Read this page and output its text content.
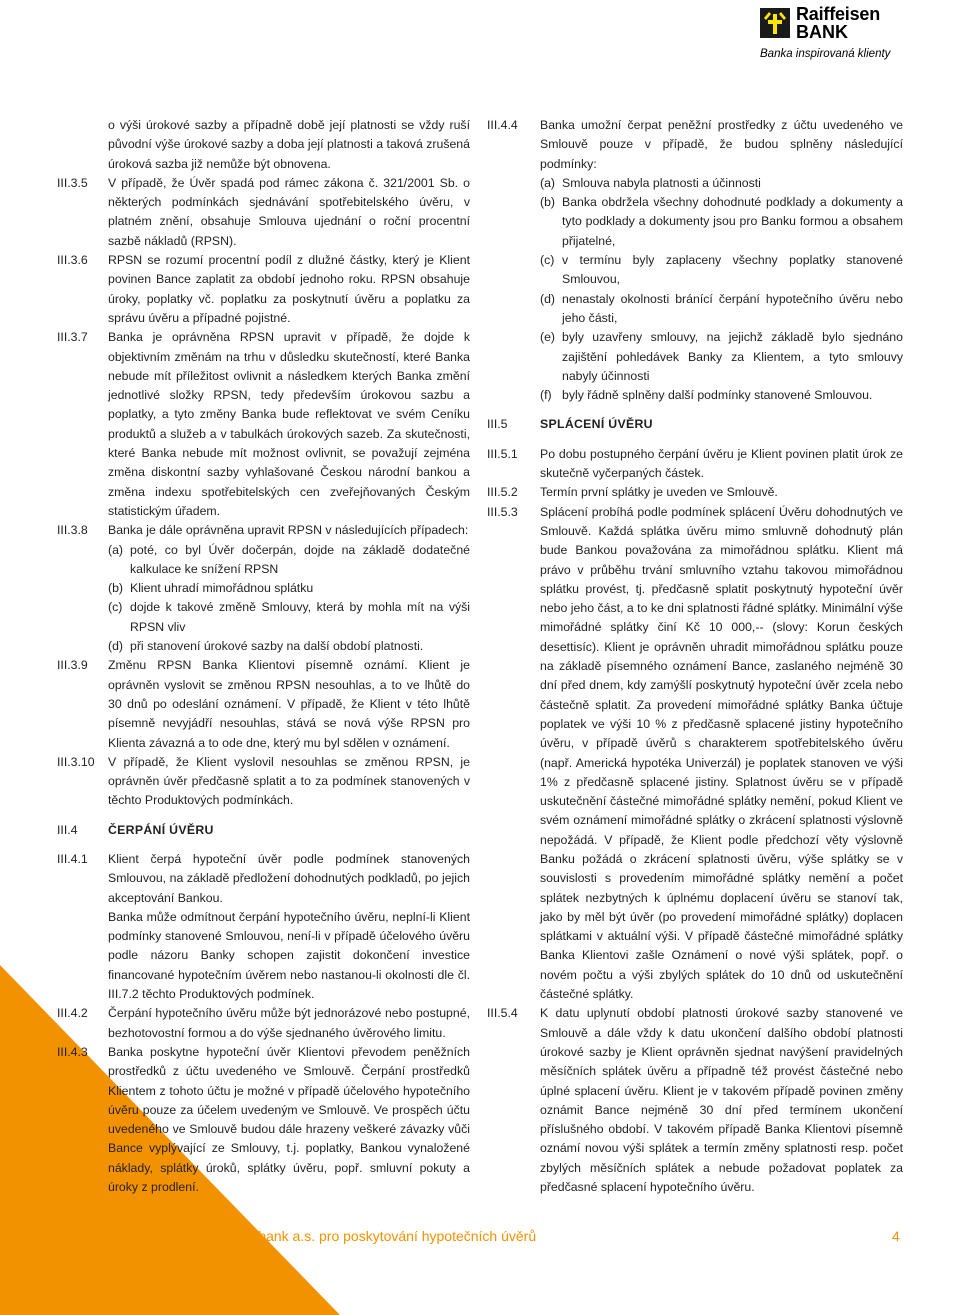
Raiffeisen
BANK
Banka inspirovaná klienty
o výši úrokové sazby a případně době její platnosti se vždy ruší původní výše úrokové sazby a doba její platnosti a taková zrušená úroková sazba již nemůže být obnovena.
III.3.5	V případě, že Úvěr spadá pod rámec zákona č. 321/2001 Sb. o některých podmínkách sjednávání spotřebitelského úvěru, v platném znění, obsahuje Smlouva ujednání o roční procentní sazbě nákladů (RPSN).
III.3.6	RPSN se rozumí procentní podíl z dlužné částky, který je Klient povinen Bance zaplatit za období jednoho roku. RPSN obsahuje úroky, poplatky vč. poplatku za poskytnutí úvěru a poplatku za správu úvěru a případné pojistné.
III.3.7	Banka je oprávněna RPSN upravit v případě, že dojde k objektivním změnám na trhu v důsledku skutečností, které Banka nebude mít příležitost ovlivnit a následkem kterých Banka změní jednotlivé složky RPSN, tedy především úrokovou sazbu a poplatky, a tyto změny Banka bude reflektovat ve svém Ceníku produktů a služeb a v tabulkách úrokových sazeb. Za skutečnosti, které Banka nebude mít možnost ovlivnit, se považují zejména změna diskontní sazby vyhlašované Českou národní bankou a změna indexu spotřebitelských cen zveřejňovaných Českým statistickým úřadem.
III.3.8	Banka je dále oprávněna upravit RPSN v následujících případech:

(a) poté, co byl Úvěr dočerpán, dojde na základě dodatečné kalkulace ke snížení RPSN
(b) Klient uhradí mimořádnou splátku
(c) dojde k takové změně Smlouvy, která by mohla mít na výši RPSN vliv
(d) při stanovení úrokové sazby na další období platnosti.
III.3.9	Změnu RPSN Banka Klientovi písemně oznámí. Klient je oprávněn vyslovit se změnou RPSN nesouhlas, a to ve lhůtě do 30 dnů po odeslání oznámení. V případě, že Klient v této lhůtě písemně nevyjádří nesouhlas, stává se nová výše RPSN pro Klienta závazná a to ode dne, který mu byl sdělen v oznámení.
III.3.10	V případě, že Klient vyslovil nesouhlas se změnou RPSN, je oprávněn úvěr předčasně splatit a to za podmínek stanovených v těchto Produktových podmínkách.
III.4	ČERPÁNÍ ÚVĚRU
III.4.1	Klient čerpá hypoteční úvěr podle podmínek stanovených Smlouvou, na základě předložení dohodnutých podkladů, po jejich akceptování Bankou.

Banka může odmítnout čerpání hypotečního úvěru, neplní-li Klient podmínky stanovené Smlouvou, není-li v případě účelového úvěru podle názoru Banky schopen zajistit dokončení investice financované hypotečním úvěrem nebo nastanou-li okolnosti dle čl. III.7.2 těchto Produktových podmínek.

III.4.2	Čerpání hypotečního úvěru může být jednorázové nebo postupné, bezhotovostní formou a do výše sjednaného úvěrového limitu.
III.4.3	Banka poskytne hypoteční úvěr Klientovi převodem peněžních prostředků z účtu uvedeného ve Smlouvě. Čerpání prostředků Klientem z tohoto účtu je možné v případě účelového hypotečního úvěru pouze za účelem uvedeným ve Smlouvě. Ve prospěch účtu uvedeného ve Smlouvě budou dále hrazeny veškeré závazky vůči Bance vyplývající ze Smlouvy, t.j. poplatky, Bankou vynaložené náklady, splátky úroků, splátky úvěru, popř. smluvní pokuty a úroky z prodlení.
III.4.4	Banka umožní čerpat peněžní prostředky z účtu uvedeného ve Smlouvě pouze v případě, že budou splněny následující podmínky:

(a) Smlouva nabyla platnosti a účinnosti
(b) Banka obdržela všechny dohodnuté podklady a dokumenty a tyto podklady a dokumenty jsou pro Banku formou a obsahem přijatelné,
(c) v termínu byly zaplaceny všechny poplatky stanovené Smlouvou,
(d) nenastaly okolnosti bránící čerpání hypotečního úvěru nebo jeho části,
(e) byly uzavřeny smlouvy, na jejichž základě bylo sjednáno zajištění pohledávek Banky za Klientem, a tyto smlouvy nabyly účinnosti
(f) byly řádně splněny další podmínky stanovené Smlouvou.
III.5	SPLÁCENÍ ÚVĚRU
III.5.1	Po dobu postupného čerpání úvěru je Klient povinen platit úrok ze skutečně vyčerpaných částek.
III.5.2	Termín první splátky je uveden ve Smlouvě.
III.5.3	Splácení probíhá podle podmínek splácení Úvěru dohodnutých ve Smlouvě. Každá splátka úvěru mimo smluvně dohodnutý plán bude Bankou považována za mimořádnou splátku. Klient má právo v průběhu trvání smluvního vztahu takovou mimořádnou splátku provést, tj. předčasně splatit poskytnutý hypoteční úvěr nebo jeho část, a to ke dni splatnosti řádné splátky. Minimální výše mimořádné splátky činí Kč 10 000,-- (slovy: Korun českých desettisíc). Klient je oprávněn uhradit mimořádnou splátku pouze na základě písemného oznámení Bance, zaslaného nejméně 30 dní před dnem, kdy zamýšlí poskytnutý hypoteční úvěr zcela nebo částečně splatit. Za provedení mimořádné splátky Banka účtuje poplatek ve výši 10 % z předčasně splacené jistiny hypotečního úvěru, v případě úvěrů s charakterem spotřebitelského úvěru (např. Americká hypotéka Univerzál) je poplatek stanoven ve výši 1% z předčasně splacené jistiny. Splatnost úvěru se v případě uskutečnění částečné mimořádné splátky nemění, pokud Klient ve svém oznámení mimořádné splátky o zkrácení splatnosti výslovně nepožádá. V případě, že Klient podle předchozí věty výslovně Banku požádá o zkrácení splatnosti úvěru, výše splátky se v souvislosti s provedením mimořádné splátky nemění a počet splátek nezbytných k úplnému doplacení úvěru se stanoví tak, jako by měl být úvěr (po provedení mimořádné splátky) doplacen splátkami v aktuální výši. V případě částečné mimořádné splátky Banka Klientovi zašle Oznámení o nové výši splátek, popř. o novém počtu a výši zbylých splátek do 10 dnů od uskutečnění částečné splátky.
III.5.4	K datu uplynutí období platnosti úrokové sazby stanovené ve Smlouvě a dále vždy k datu ukončení dalšího období platnosti úrokové sazby je Klient oprávněn sjednat navýšení pravidelných měsíčních splátek úvěru a případně též provést částečné nebo úplné splacení úvěru. Klient je v takovém případě povinen změny oznámit Bance nejméně 30 dní před termínem ukončení příslušného období. V takovém případě Banka Klientovi písemně oznámí novou výši splátek a termín změny splatnosti resp. počet zbylých měsíčních splátek a nebude požadovat poplatek za předčasné splacení hypotečního úvěru.
Produktové podmínky Raiffeisenbank a.s. pro poskytování hypotečních úvěrů	4
